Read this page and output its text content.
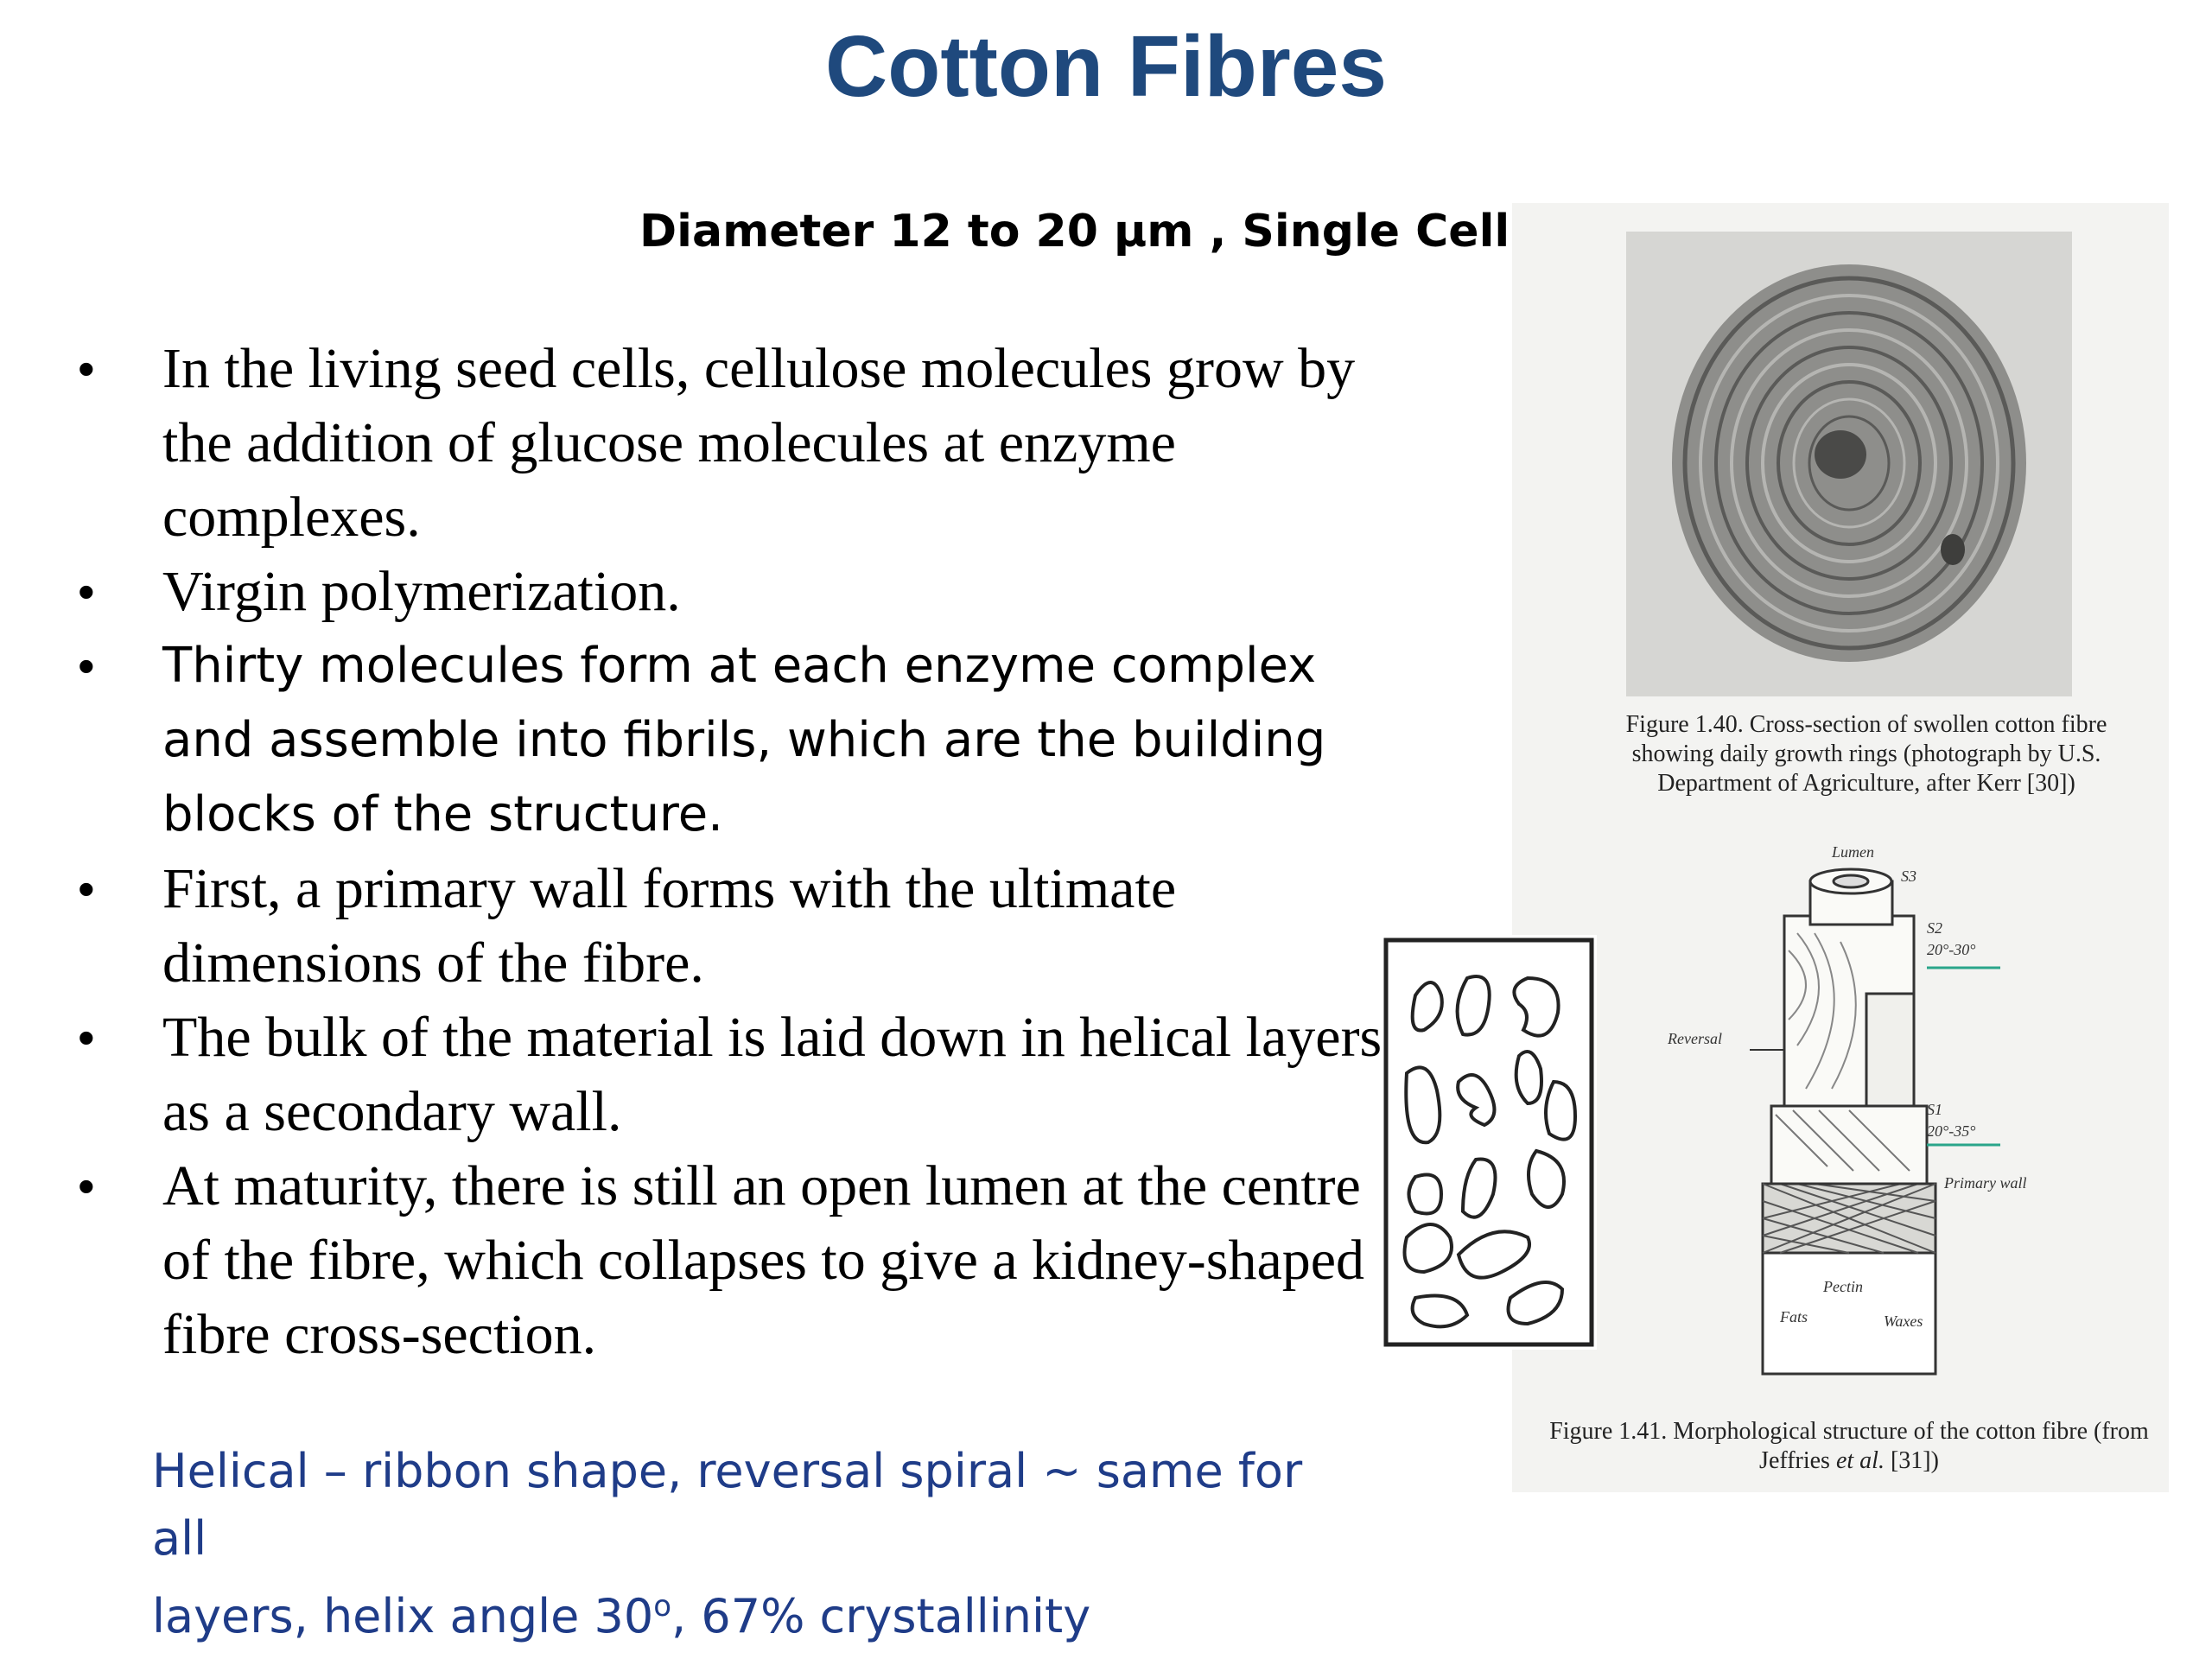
Cotton Fibres
Diameter 12 to 20 μm , Single Cell
• In the living seed cells, cellulose molecules grow by the addition of glucose molecules at enzyme complexes.
• Virgin polymerization.
• Thirty molecules form at each enzyme complex and assemble into fibrils, which are the building blocks of the structure.
• First, a primary wall forms with the ultimate dimensions of the fibre.
• The bulk of the material is laid down in helical layers as a secondary wall.
• At maturity, there is still an open lumen at the centre of the fibre, which collapses to give a kidney-shaped fibre cross-section.
Helical – ribbon shape, reversal spiral ~ same for all
layers, helix angle 30$^o$, 67% crystallinity
Figure 1.40. Cross-section of swollen cotton fibre showing daily growth rings (photograph by U.S. Department of Agriculture, after Kerr [30])
Lumen
S3
S2
20°-30°
Reversal
S1
20°-35°
Primary wall
Pectin
Fats	Waxes
Figure 1.41. Morphological structure of the cotton fibre (from Jeffries et al. [31])
